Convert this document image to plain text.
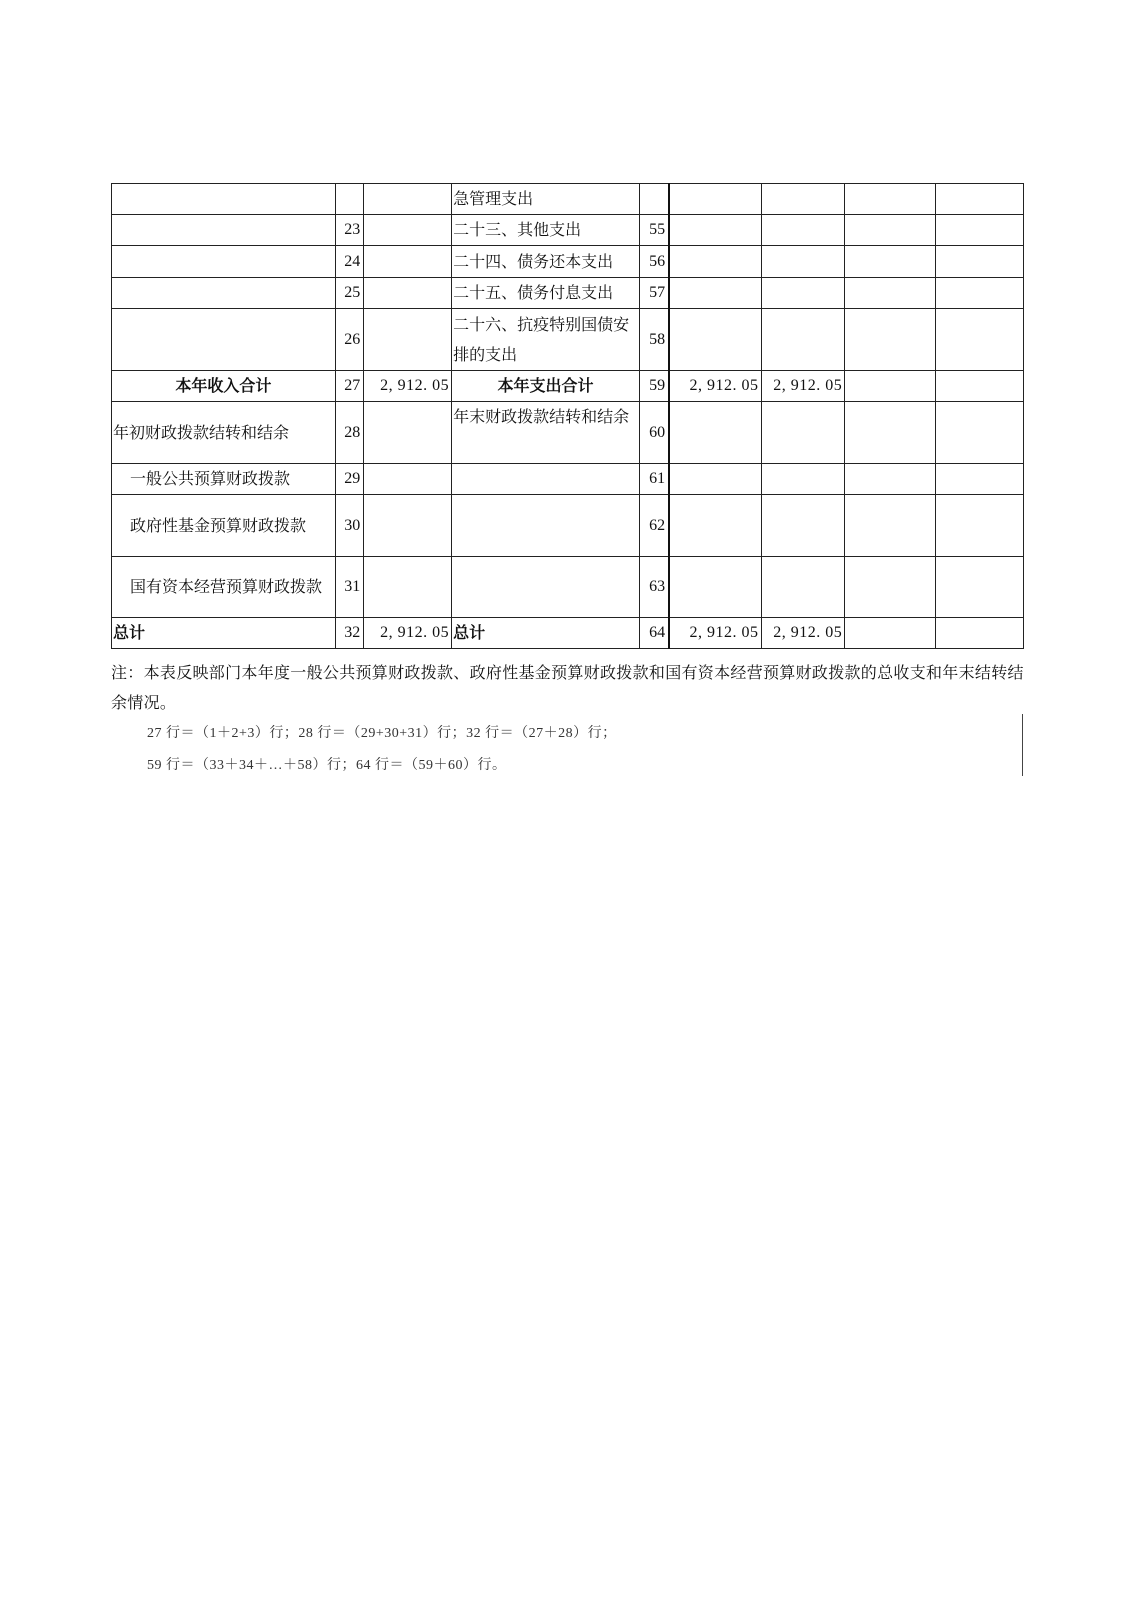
			急管理支出					
	23		二十三、其他支出	55				
	24		二十四、债务还本支出	56				
	25		二十五、债务付息支出	57				
	26		二十六、抗疫特别国债安排的支出	58				
本年收入合计	27	2, 912. 05	本年支出合计	59	2, 912. 05	2, 912. 05		
年初财政拨款结转和结余	28		年末财政拨款结转和结余	60				
一般公共预算财政拨款	29			61				
政府性基金预算财政拨款	30			62				
国有资本经营预算财政拨款	31			63				
总计	32	2, 912. 05	总计	64	2, 912. 05	2, 912. 05		
注：本表反映部门本年度一般公共预算财政拨款、政府性基金预算财政拨款和国有资本经营预算财政拨款的总收支和年末结转结余情况。
27 行＝（1＋2+3）行；28 行＝（29+30+31）行；32 行＝（27＋28）行；
59 行＝（33＋34＋…＋58）行；64 行＝（59＋60）行。
